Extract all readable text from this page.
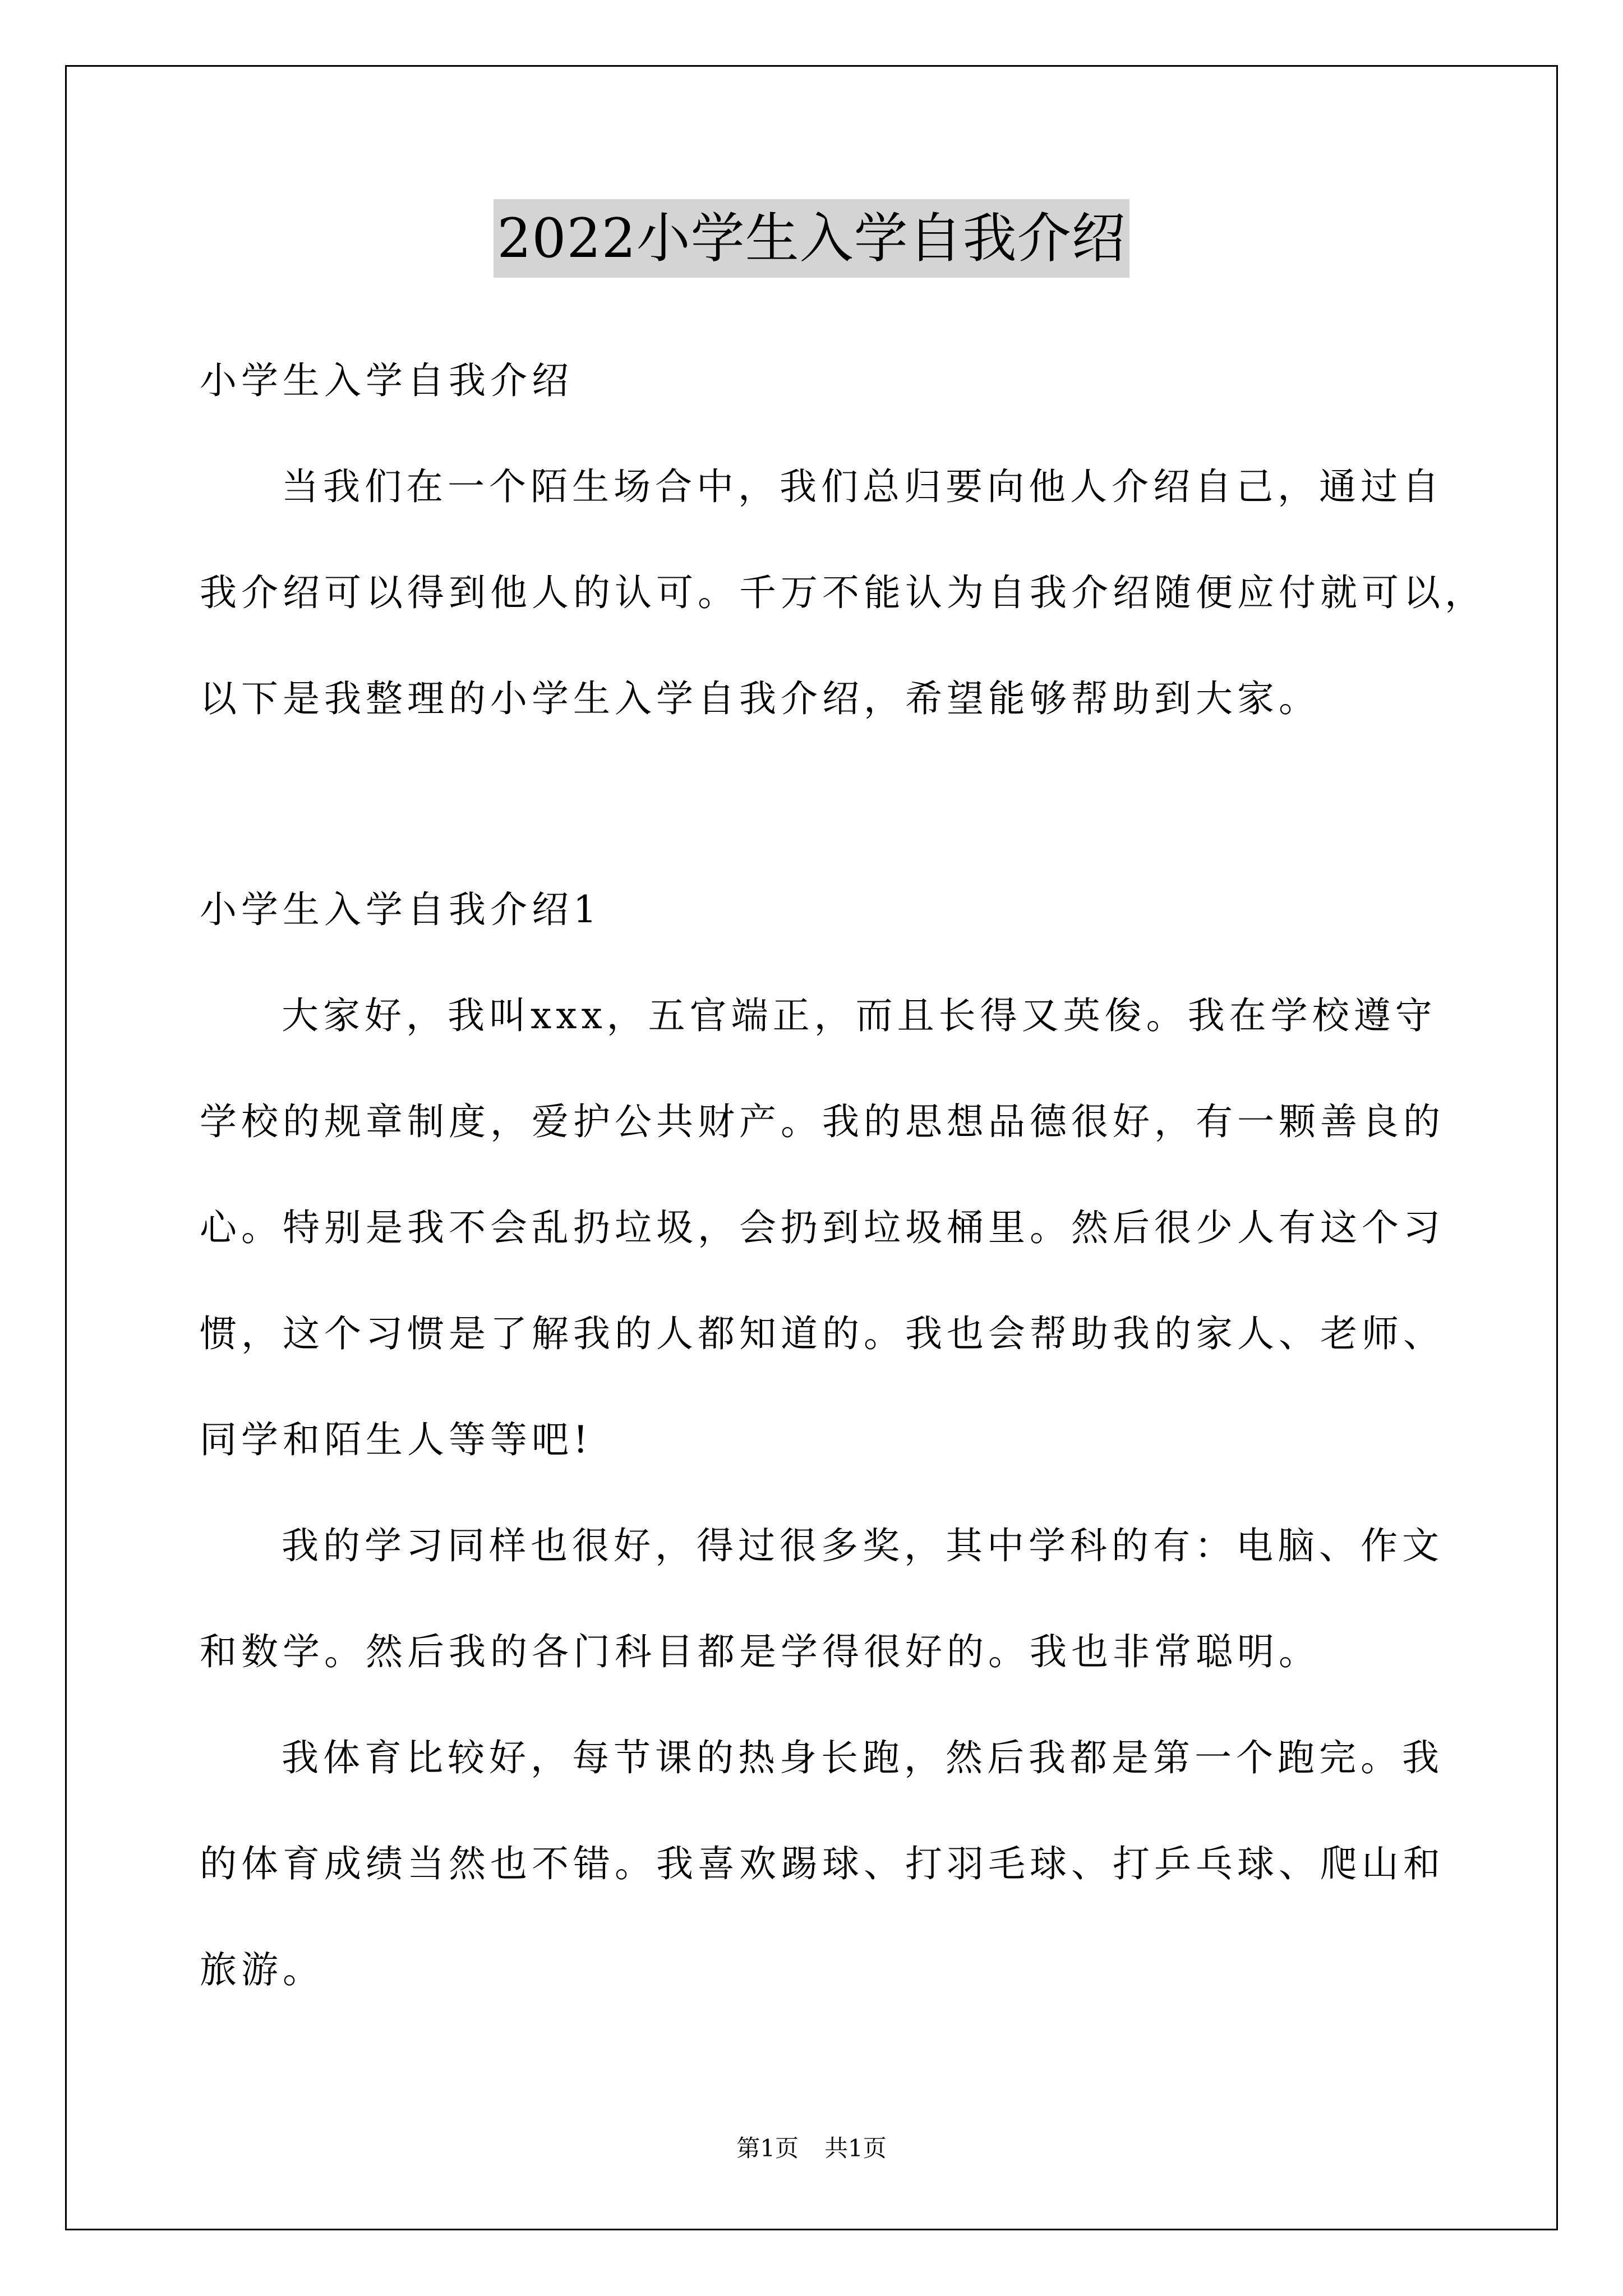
2022小学生入学自我介绍
小学生入学自我介绍
当我们在一个陌生场合中，我们总归要向他人介绍自己，通过自
我介绍可以得到他人的认可。千万不能认为自我介绍随便应付就可以，
以下是我整理的小学生入学自我介绍，希望能够帮助到大家。
小学生入学自我介绍1
大家好，我叫xxx，五官端正，而且长得又英俊。我在学校遵守
学校的规章制度，爱护公共财产。我的思想品德很好，有一颗善良的
心。特别是我不会乱扔垃圾，会扔到垃圾桶里。然后很少人有这个习
惯，这个习惯是了解我的人都知道的。我也会帮助我的家人、老师、
同学和陌生人等等吧!
我的学习同样也很好，得过很多奖，其中学科的有：电脑、作文
和数学。然后我的各门科目都是学得很好的。我也非常聪明。
我体育比较好，每节课的热身长跑，然后我都是第一个跑完。我
的体育成绩当然也不错。我喜欢踢球、打羽毛球、打乒乓球、爬山和
旅游。
第1页 共1页
